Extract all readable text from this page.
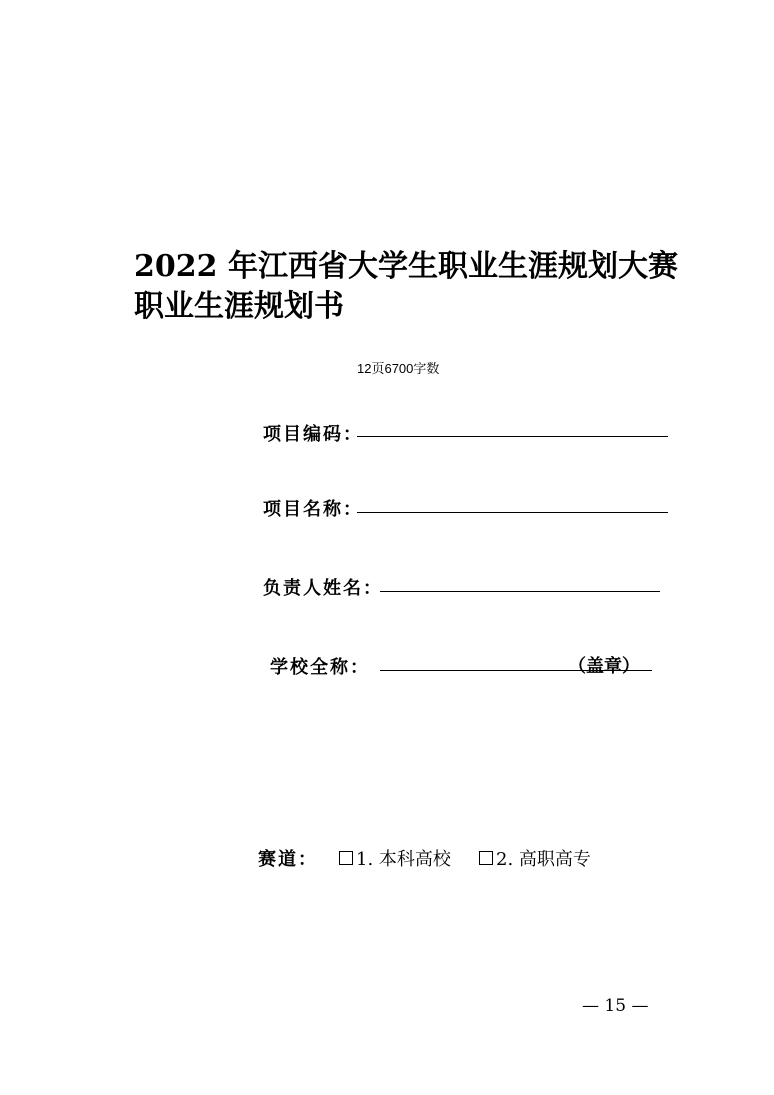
2022 年江西省大学生职业生涯规划大赛
职业生涯规划书
12页6700字数
项目编码：
项目名称：
负责人姓名：
学校全称：	（盖章）
赛道： 1. 本科高校	2. 高职高专
— 15 —
